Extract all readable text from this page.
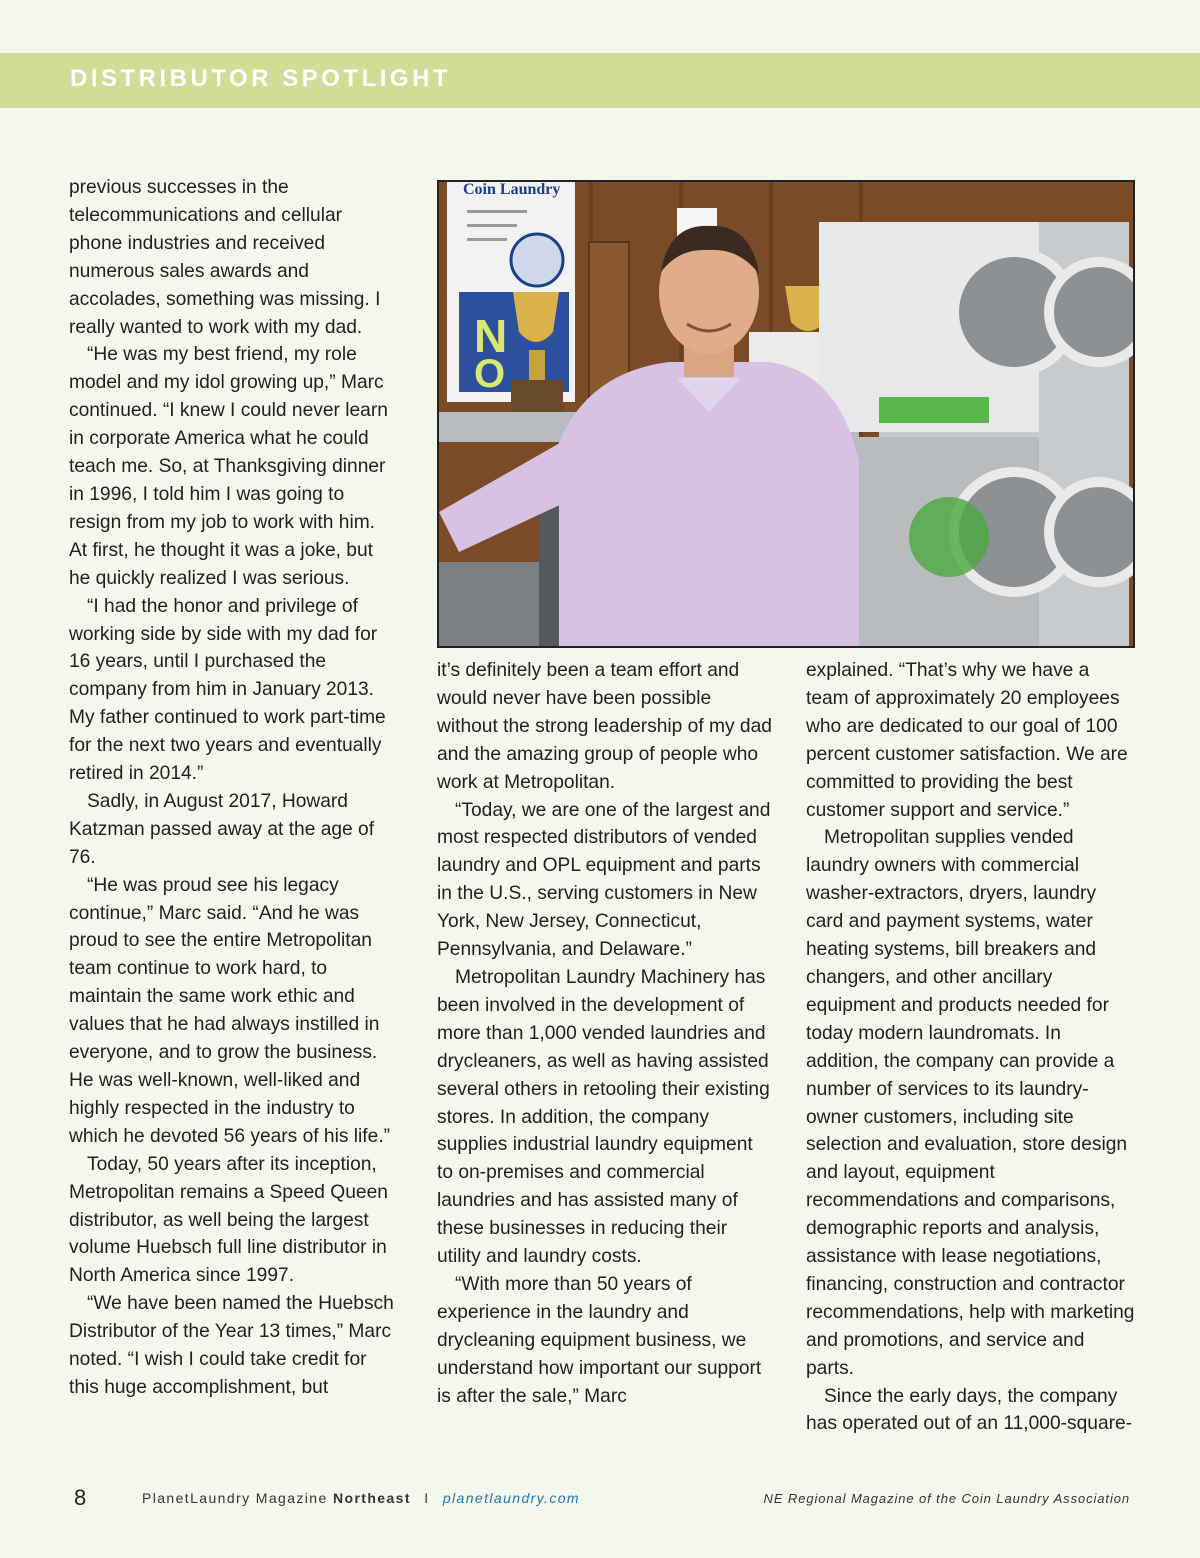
DISTRIBUTOR SPOTLIGHT

previous successes in the telecommunications and cellular phone industries and received numerous sales awards and accolades, something was missing. I really wanted to work with my dad.

“He was my best friend, my role model and my idol growing up,” Marc continued. “I knew I could never learn in corporate America what he could teach me. So, at Thanksgiving dinner in 1996, I told him I was going to resign from my job to work with him. At first, he thought it was a joke, but he quickly realized I was serious.

“I had the honor and privilege of working side by side with my dad for 16 years, until I purchased the company from him in January 2013. My father continued to work part-time for the next two years and eventually retired in 2014.”

Sadly, in August 2017, Howard Katzman passed away at the age of 76.

“He was proud see his legacy continue,” Marc said. “And he was proud to see the entire Metropolitan team continue to work hard, to maintain the same work ethic and values that he had always instilled in everyone, and to grow the business. He was well-known, well-liked and highly respected in the industry to which he devoted 56 years of his life.”

Today, 50 years after its inception, Metropolitan remains a Speed Queen distributor, as well being the largest volume Huebsch full line distributor in North America since 1997.

“We have been named the Huebsch Distributor of the Year 13 times,” Marc noted. “I wish I could take credit for this huge accomplishment, but

Coin Laundry
N
O

it’s definitely been a team effort and would never have been possible without the strong leadership of my dad and the amazing group of people who work at Metropolitan.

“Today, we are one of the largest and most respected distributors of vended laundry and OPL equipment and parts in the U.S., serving customers in New York, New Jersey, Connecticut, Pennsylvania, and Delaware.”

Metropolitan Laundry Machinery has been involved in the development of more than 1,000 vended laundries and drycleaners, as well as having assisted several others in retooling their existing stores. In addition, the company supplies industrial laundry equipment to on-premises and commercial laundries and has assisted many of these businesses in reducing their utility and laundry costs.

“With more than 50 years of experience in the laundry and drycleaning equipment business, we understand how important our support is after the sale,” Marc

explained. “That’s why we have a team of approximately 20 employees who are dedicated to our goal of 100 percent customer satisfaction. We are committed to providing the best customer support and service.”

Metropolitan supplies vended laundry owners with commercial washer-extractors, dryers, laundry card and payment systems, water heating systems, bill breakers and changers, and other ancillary equipment and products needed for today modern laundromats. In addition, the company can provide a number of services to its laundry-owner customers, including site selection and evaluation, store design and layout, equipment recommendations and comparisons, demographic reports and analysis, assistance with lease negotiations, financing, construction and contractor recommendations, help with marketing and promotions, and service and parts.

Since the early days, the company has operated out of an 11,000-square-

8	PlanetLaundry Magazine Northeast I planetlaundry.com	NE Regional Magazine of the Coin Laundry Association
